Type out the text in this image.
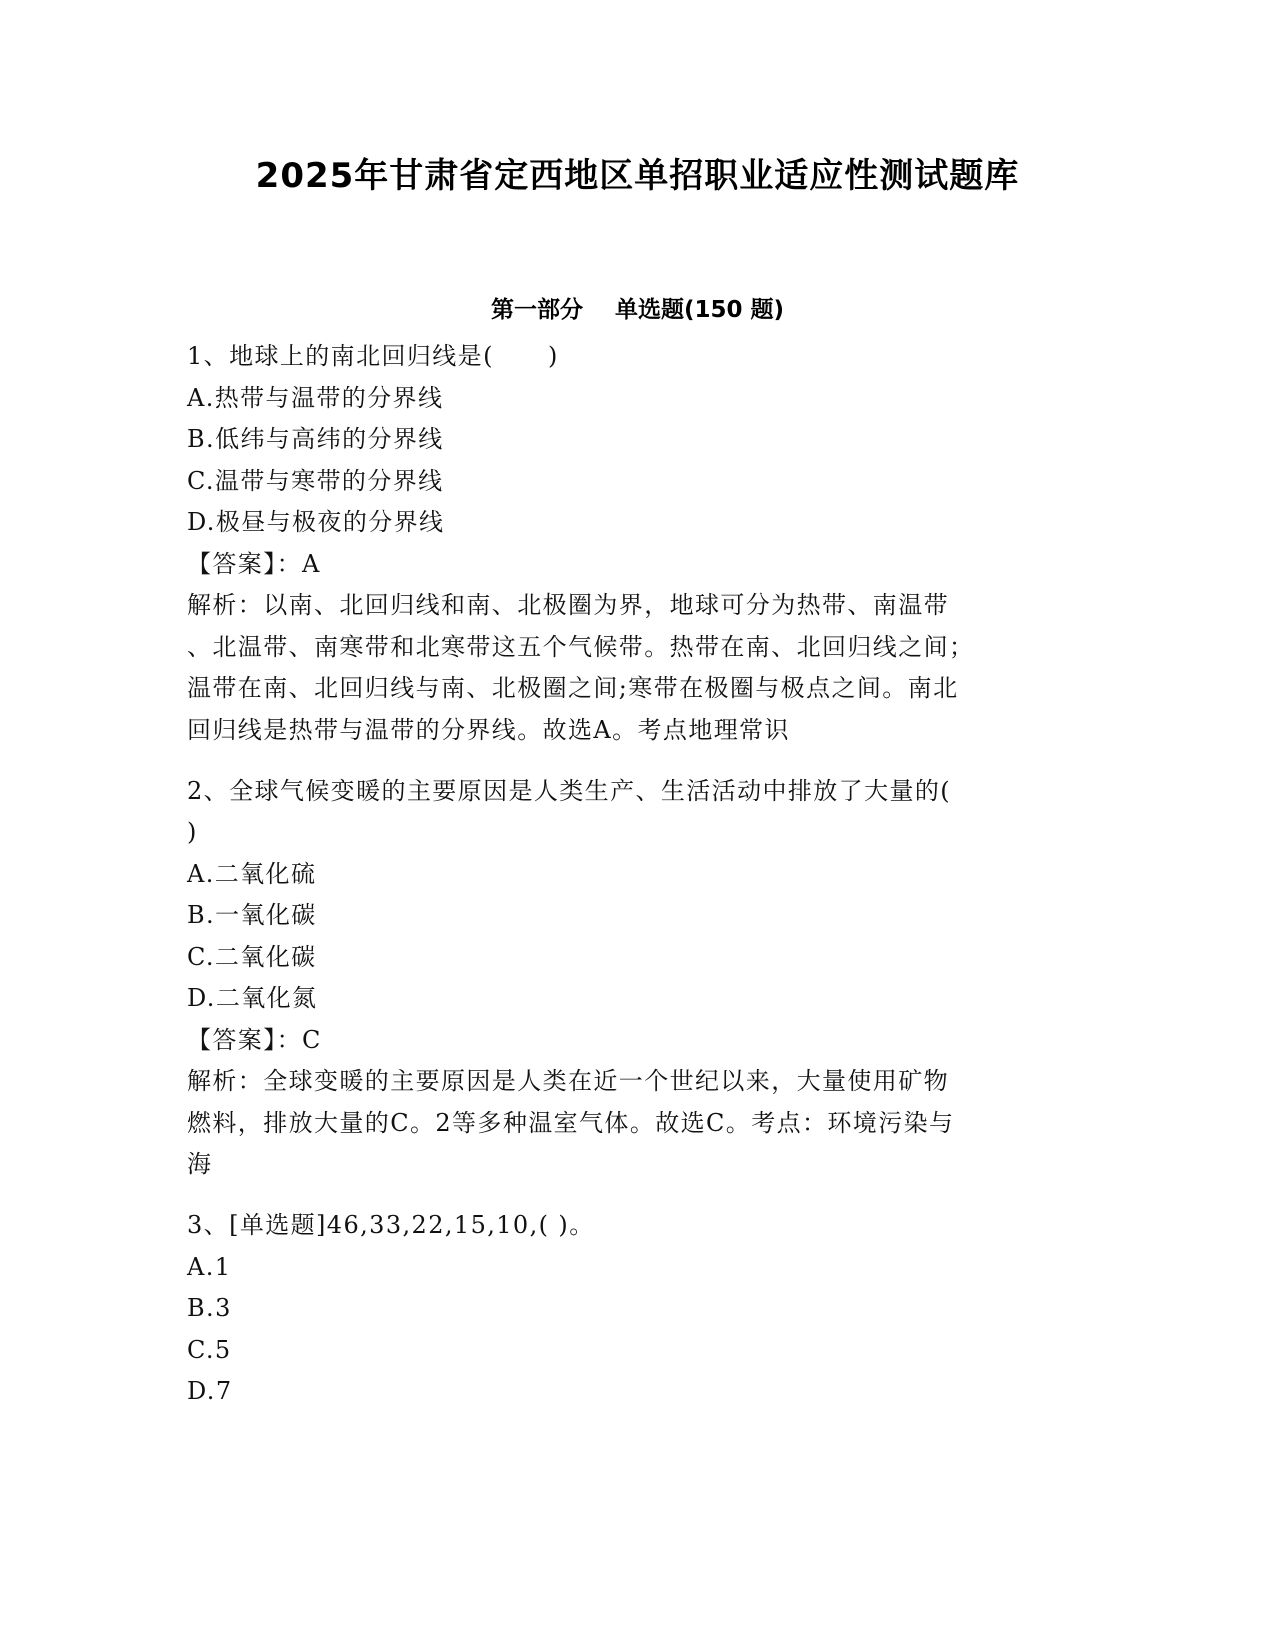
2025年甘肃省定西地区单招职业适应性测试题库
第一部分    单选题(150 题)
1、地球上的南北回归线是(      )
A.热带与温带的分界线
B.低纬与高纬的分界线
C.温带与寒带的分界线
D.极昼与极夜的分界线
【答案】：A
解析：以南、北回归线和南、北极圈为界，地球可分为热带、南温带
、北温带、南寒带和北寒带这五个气候带。热带在南、北回归线之间；
温带在南、北回归线与南、北极圈之间;寒带在极圈与极点之间。南北
回归线是热带与温带的分界线。故选A。考点地理常识
2、全球气候变暖的主要原因是人类生产、生活活动中排放了大量的(
)
A.二氧化硫
B.一氧化碳
C.二氧化碳
D.二氧化氮
【答案】：C
解析：全球变暖的主要原因是人类在近一个世纪以来，大量使用矿物
燃料，排放大量的C。2等多种温室气体。故选C。考点：环境污染与
海
3、[单选题]46,33,22,15,10,( )。
A.1
B.3
C.5
D.7
